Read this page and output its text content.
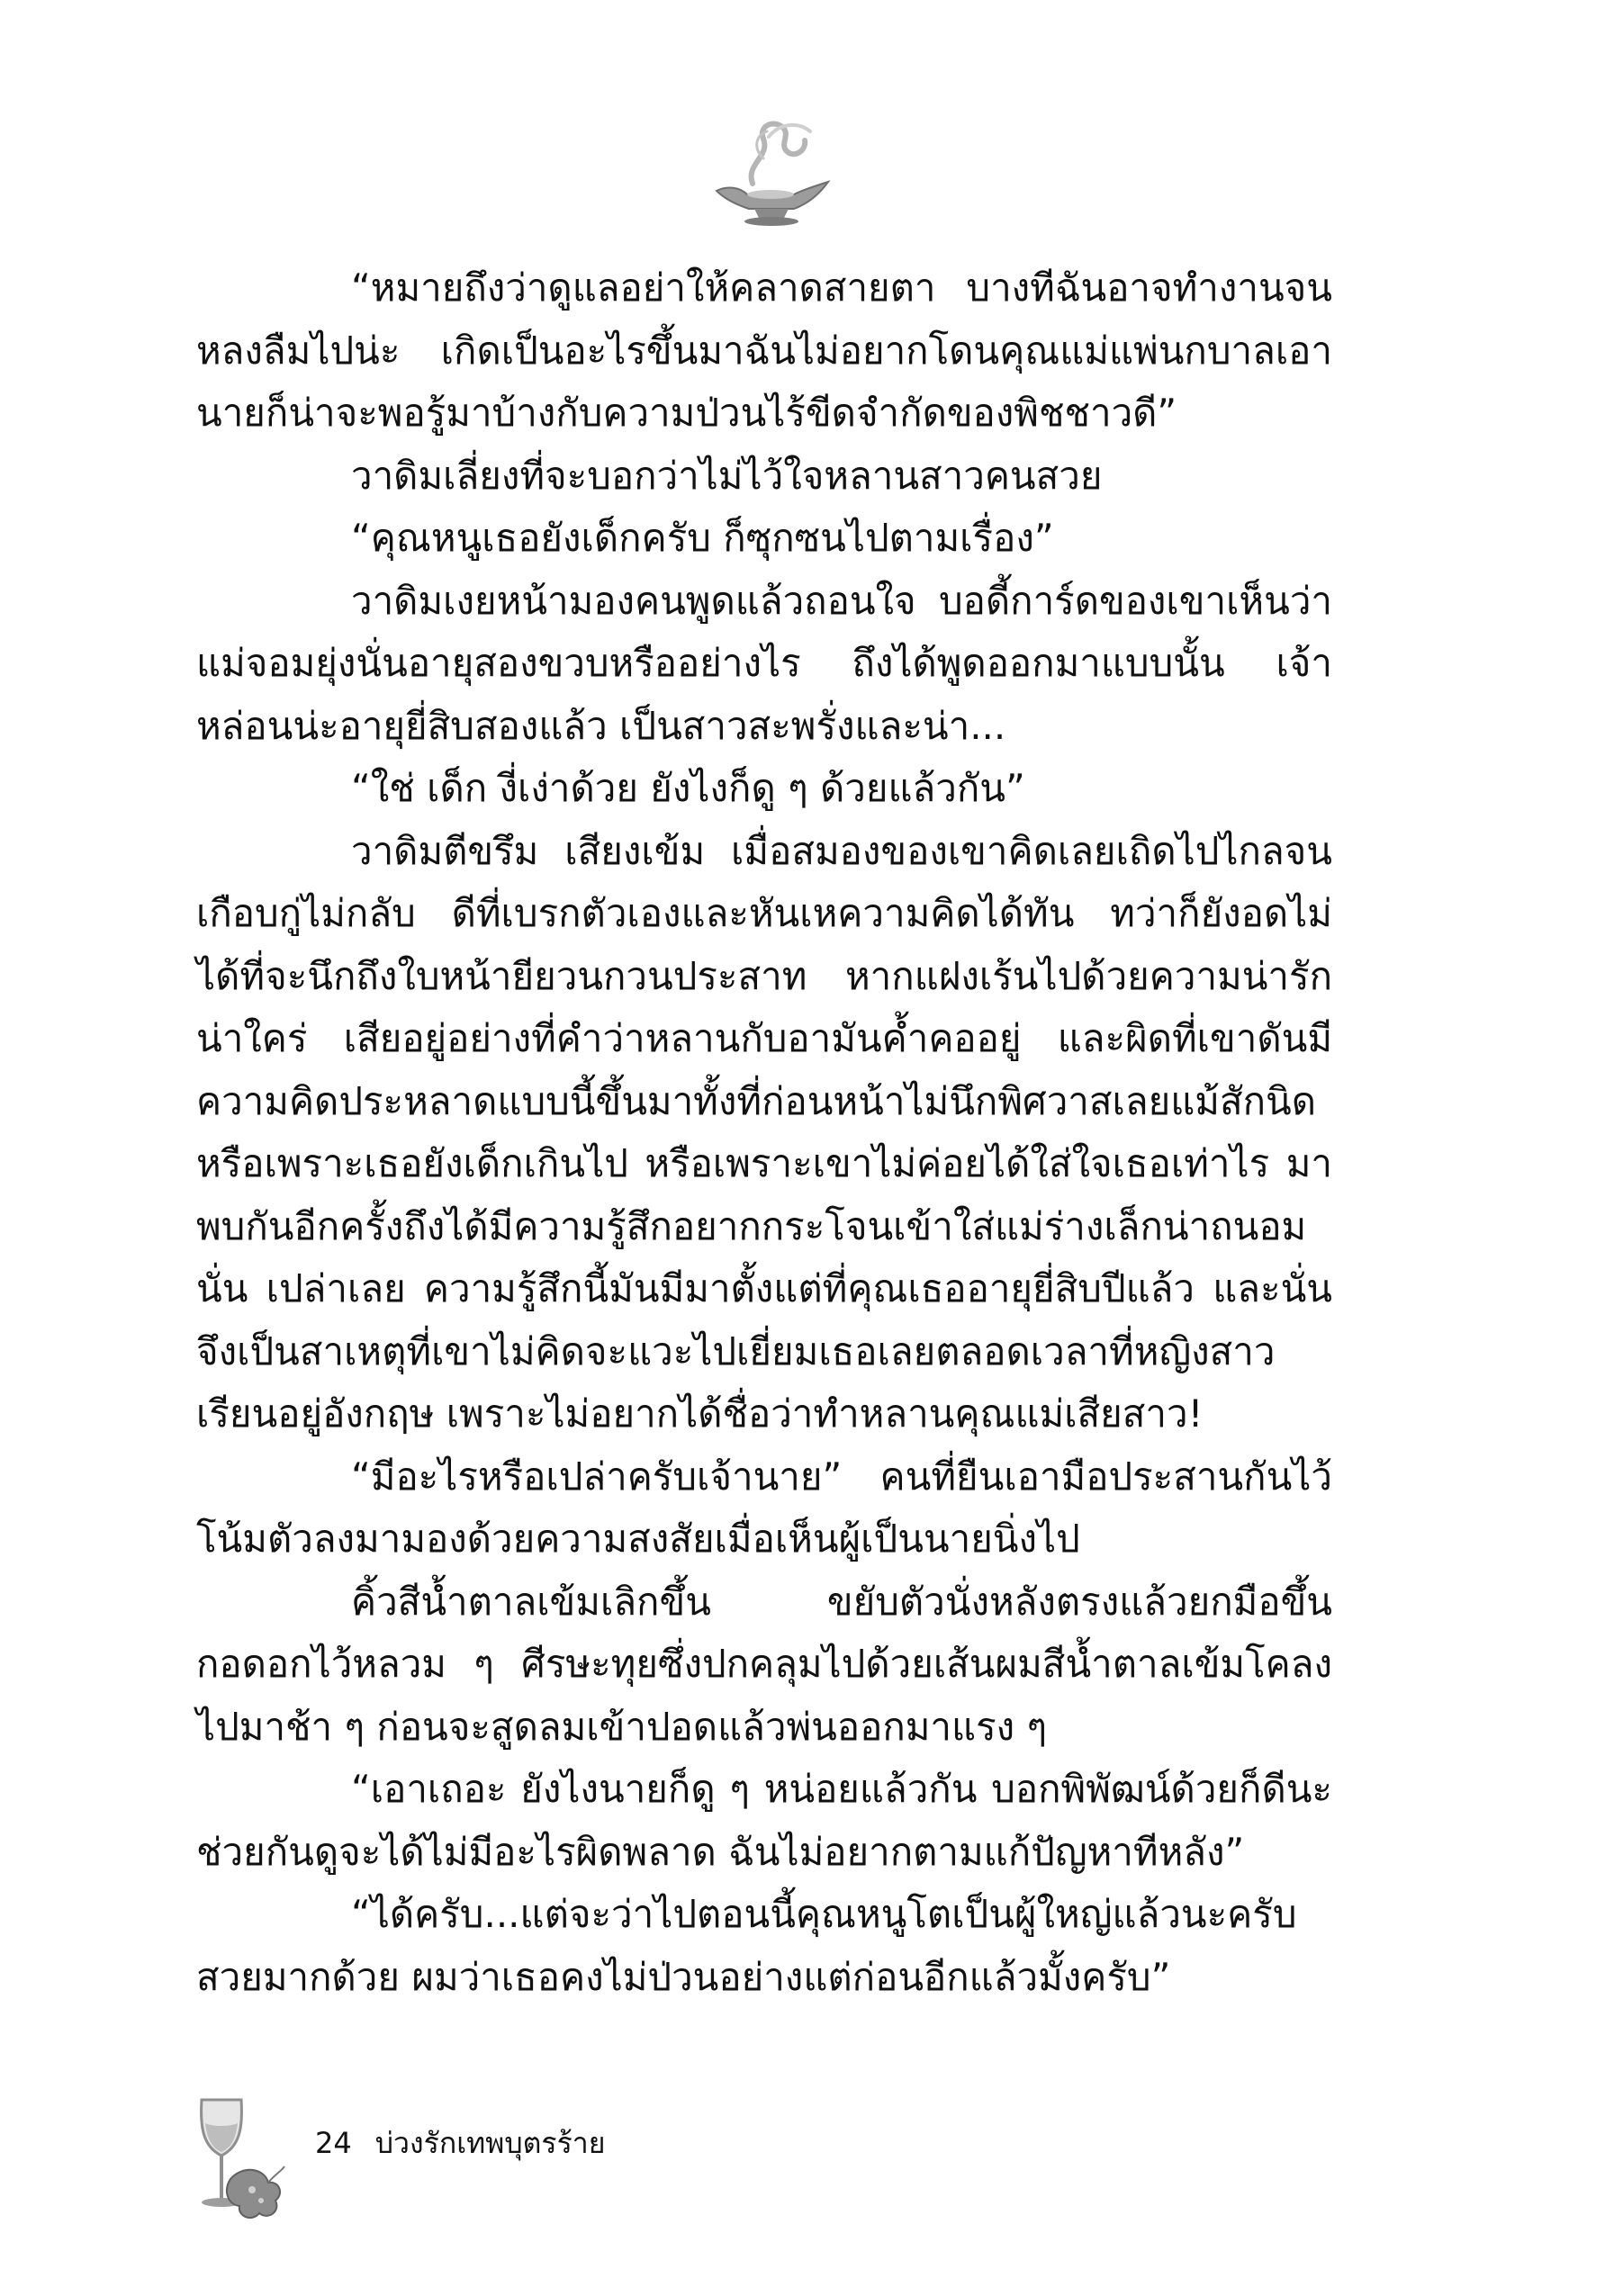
“หมายถึงว่าดูแลอย่าให้คลาดสายตา บางทีฉันอาจทำงานจนหลงลืมไปน่ะ เกิดเป็นอะไรขึ้นมาฉันไม่อยากโดนคุณแม่แพ่นกบาลเอา นายก็น่าจะพอรู้มาบ้างกับความป่วนไร้ขีดจำกัดของพิชชาวดี”

วาดิมเลี่ยงที่จะบอกว่าไม่ไว้ใจหลานสาวคนสวย

“คุณหนูเธอยังเด็กครับ ก็ซุกซนไปตามเรื่อง”

วาดิมเงยหน้ามองคนพูดแล้วถอนใจ บอดี้การ์ดของเขาเห็นว่าแม่จอมยุ่งนั่นอายุสองขวบหรืออย่างไร ถึงได้พูดออกมาแบบนั้น เจ้าหล่อนน่ะอายุยี่สิบสองแล้ว เป็นสาวสะพรั่งและน่า...

“ใช่ เด็ก งี่เง่าด้วย ยังไงก็ดู ๆ ด้วยแล้วกัน”

วาดิมตีขรึม เสียงเข้ม เมื่อสมองของเขาคิดเลยเถิดไปไกลจนเกือบกู่ไม่กลับ ดีที่เบรกตัวเองและหันเหความคิดได้ทัน ทว่าก็ยังอดไม่ได้ที่จะนึกถึงใบหน้ายียวนกวนประสาท หากแฝงเร้นไปด้วยความน่ารักน่าใคร่ เสียอยู่อย่างที่คำว่าหลานกับอามันค้ำคออยู่ และผิดที่เขาดันมีความคิดประหลาดแบบนี้ขึ้นมาทั้งที่ก่อนหน้าไม่นึกพิศวาสเลยแม้สักนิด หรือเพราะเธอยังเด็กเกินไป หรือเพราะเขาไม่ค่อยได้ใส่ใจเธอเท่าไร มาพบกันอีกครั้งถึงได้มีความรู้สึกอยากกระโจนเข้าใส่แม่ร่างเล็กน่าถนอมนั่น เปล่าเลย ความรู้สึกนี้มันมีมาตั้งแต่ที่คุณเธออายุยี่สิบปีแล้ว และนั่นจึงเป็นสาเหตุที่เขาไม่คิดจะแวะไปเยี่ยมเธอเลยตลอดเวลาที่หญิงสาวเรียนอยู่อังกฤษ เพราะไม่อยากได้ชื่อว่าทำหลานคุณแม่เสียสาว!

“มีอะไรหรือเปล่าครับเจ้านาย” คนที่ยืนเอามือประสานกันไว้โน้มตัวลงมามองด้วยความสงสัยเมื่อเห็นผู้เป็นนายนิ่งไป

คิ้วสีน้ำตาลเข้มเลิกขึ้น ขยับตัวนั่งหลังตรงแล้วยกมือขึ้นกอดอกไว้หลวม ๆ ศีรษะทุยซึ่งปกคลุมไปด้วยเส้นผมสีน้ำตาลเข้มโคลงไปมาช้า ๆ ก่อนจะสูดลมเข้าปอดแล้วพ่นออกมาแรง ๆ

“เอาเถอะ ยังไงนายก็ดู ๆ หน่อยแล้วกัน บอกพิพัฒน์ด้วยก็ดีนะ ช่วยกันดูจะได้ไม่มีอะไรผิดพลาด ฉันไม่อยากตามแก้ปัญหาทีหลัง”

“ได้ครับ...แต่จะว่าไปตอนนี้คุณหนูโตเป็นผู้ใหญ่แล้วนะครับ สวยมากด้วย ผมว่าเธอคงไม่ป่วนอย่างแต่ก่อนอีกแล้วมั้งครับ”

24 บ่วงรักเทพบุตรร้าย
